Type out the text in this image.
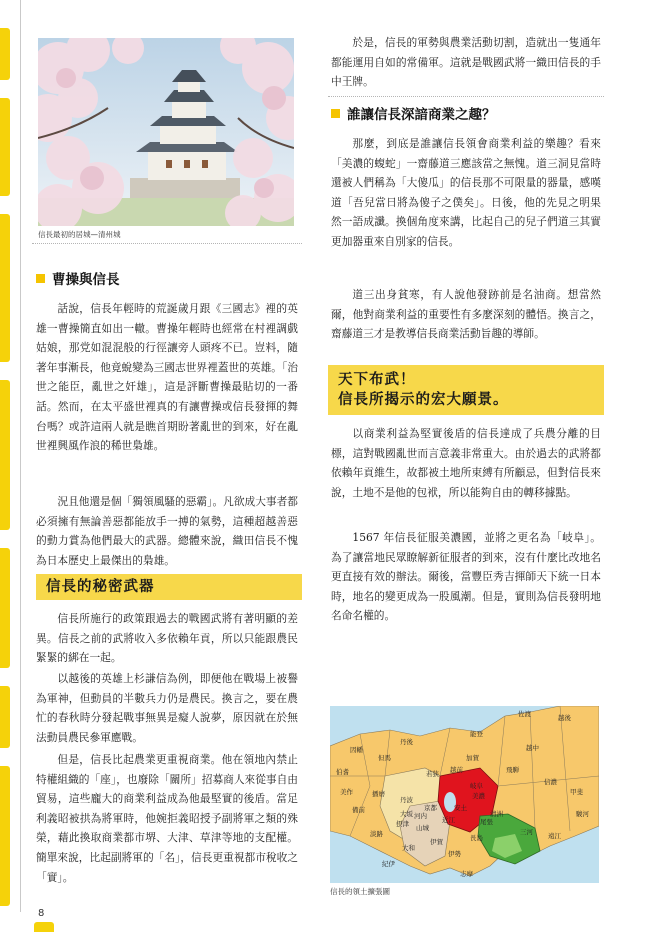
信長最初的居城—清州城
曹操與信長

話說，信長年輕時的荒誕歲月跟《三國志》裡的英雄一曹操簡直如出一轍。曹操年輕時也經常在村裡調戲姑娘，那党如混混般的行徑讓旁人頭疼不已。豈料，隨著年事漸長，他竟蛻變為三國志世界裡蓋世的英雄。「治世之能臣，亂世之奸雄」，這是評斷曹操最貼切的一番話。然而，在太平盛世裡真的有讓曹操或信長發揮的舞台嗎？或許這兩人就是瞧首期盼著亂世的到來，好在亂世裡興風作浪的稀世梟雄。

況且他還是個「獨領風騷的惡霸」。凡欲成大事者都必須擁有無論善惡都能放手一搏的氣勢，這種超越善惡的動力賞為他們最大的武器。總體來說，織田信長不愧為日本歷史上最傑出的梟雄。

信長的秘密武器

信長所施行的政策跟過去的戰國武將有著明顯的差異。信長之前的武將收入多依賴年貢，所以只能跟農民緊緊的綁在一起。

以越後的英雄上杉謙信為例，即便他在戰場上被譽為軍神，但動員的半數兵力仍是農民。換言之，要在農忙的春秋時分發起戰事無異是癡人說夢，原因就在於無法動員農民參軍應戰。

但是，信長比起農業更重視商業。他在領地內禁止特權組織的「座」，也廢除「關所」招募商人來從事自由貿易，這些龐大的商業利益成為他最堅實的後盾。當足利義昭被拱為將軍時，他婉拒義昭授予副將軍之類的殊榮，藉此換取商業都市堺、大津、草津等地的支配權。簡單來說，比起副將軍的「名」，信長更重視都市稅收之「實」。

於是，信長的軍勢與農業活動切割，造就出一隻通年都能運用自如的常備軍。這就是戰國武將一織田信長的手中王牌。

誰讓信長深諳商業之趣？

那麼，到底是誰讓信長領會商業利益的樂趣？看來「美濃的蝮蛇」一齋藤道三應該當之無愧。道三洞見當時還被人們稱為「大傻瓜」的信長那不可限量的器量，感嘆道「吾兒當日將為傻子之僕矣」。日後，他的先見之明果然一語成讖。換個角度來講，比起自己的兒子們道三其實更加器重來自別家的信長。

道三出身貧寒，有人說他發跡前是名油商。想當然爾，他對商業利益的重要性有多麼深刻的體悟。換言之，齋藤道三才是教導信長商業活動旨趣的導師。

天下布武！
信長所揭示的宏大願景。

以商業利益為堅實後盾的信長達成了兵農分離的目標，這對戰國亂世而言意義非常重大。由於過去的武將都依賴年貢維生，故都被土地所束縛有所顧忌，但對信長來說，土地不是他的包袱，所以能夠自由的轉移據點。

1567 年信長征服美濃國，並將之更名為「岐阜」。為了讓當地民眾瞭解新征服者的到來，沒有什麼比改地名更直接有效的辦法。爾後，當豐臣秀吉揮師天下統一日本時，地名的變更成為一股風潮。但是，實則為信長發明地名命名權的。

越後
佐渡
越中
飛騨
能登
加賀
越前
美濃
尾張
三河 遠江
駿河
信濃
甲斐
若狭
近江
伊勢
伊賀
山城
丹波
丹後
但馬
因幡
伯耆
播磨
摂津
大和
紀伊
志摩
河内
京都
美作
備前
淡路
岐阜
安土
清洲
長島
大坂
信長的領土擴張圖
8
